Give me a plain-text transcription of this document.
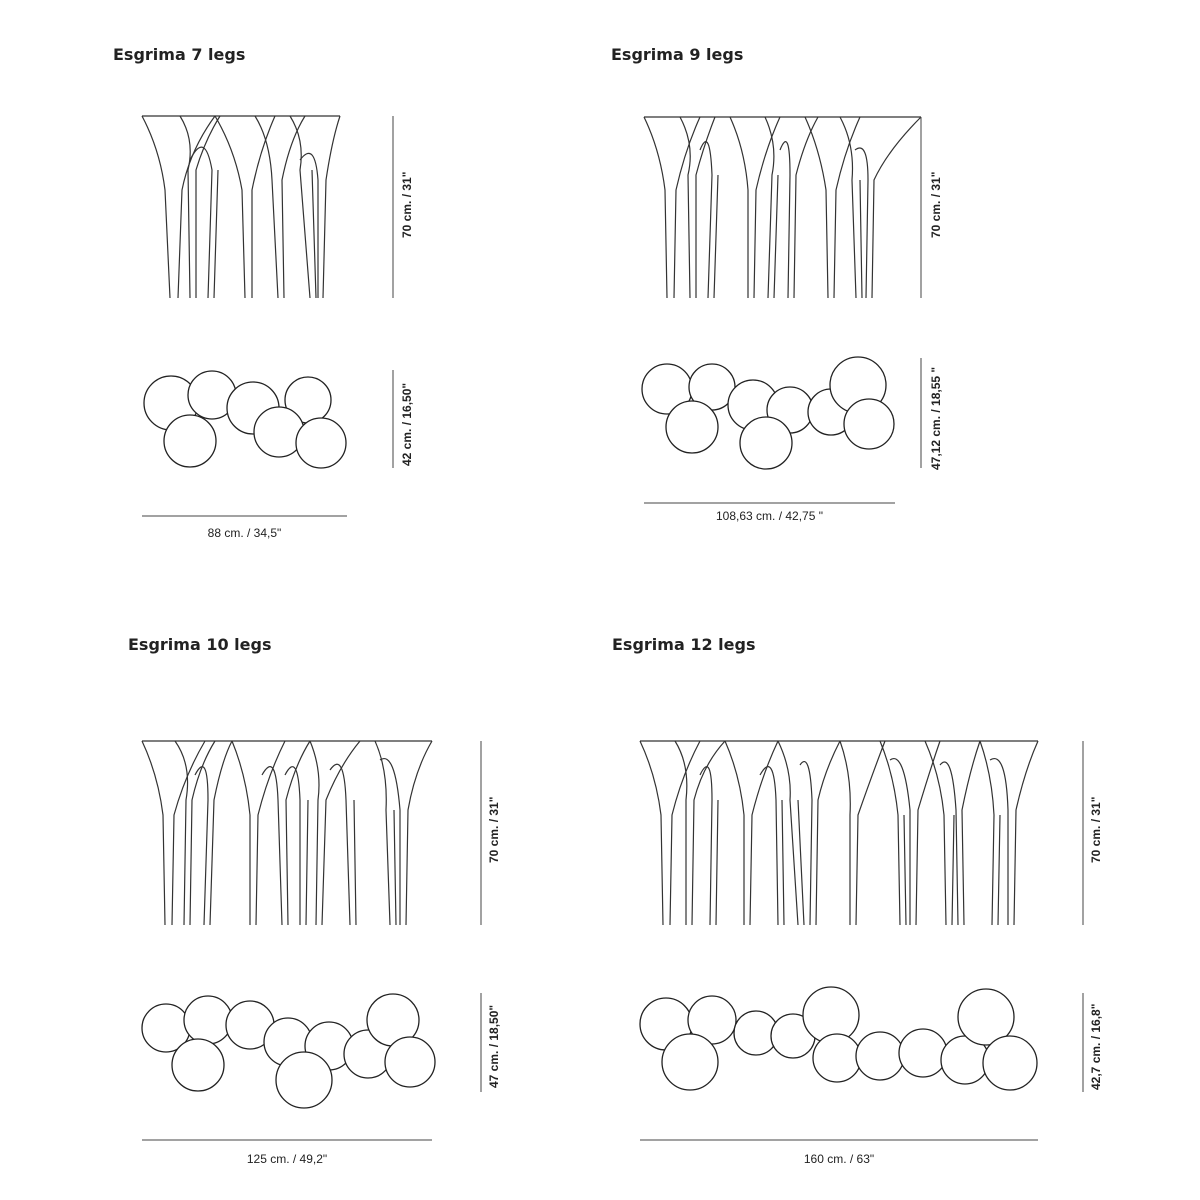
Esgrima 7 legs
70 cm. / 31"
42 cm. / 16,50"
88 cm. / 34,5"
Esgrima 9 legs
70 cm. / 31"
47,12 cm. / 18,55 "
108,63 cm. / 42,75 "
Esgrima 10 legs
70 cm. / 31"
47 cm. / 18,50"
125 cm. / 49,2"
Esgrima 12 legs
70 cm. / 31"
42,7 cm. / 16,8"
160 cm. / 63"
